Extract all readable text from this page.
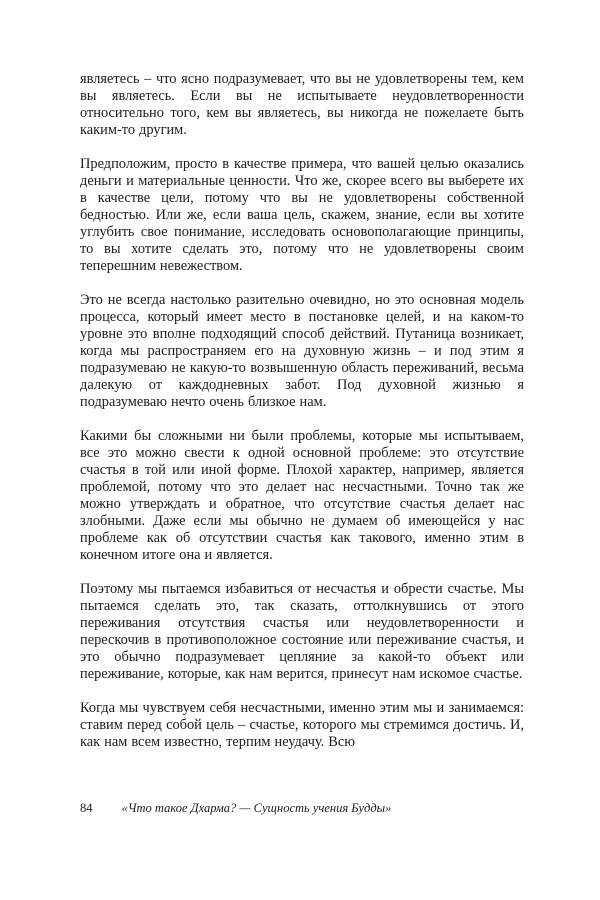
являетесь – что ясно подразумевает, что вы не удовлетворены тем, кем вы являетесь. Если вы не испытываете неудовлетворенности относительно того, кем вы являетесь, вы никогда не пожелаете быть каким-то другим.

Предположим, просто в качестве примера, что вашей целью оказались деньги и материальные ценности. Что же, скорее всего вы выберете их в качестве цели, потому что вы не удовлетворены собственной бедностью. Или же, если ваша цель, скажем, знание, если вы хотите углубить свое понимание, исследовать основополагающие принципы, то вы хотите сделать это, потому что не удовлетворены своим теперешним невежеством.

Это не всегда настолько разительно очевидно, но это основная модель процесса, который имеет место в постановке целей, и на каком-то уровне это вполне подходящий способ действий. Путаница возникает, когда мы распространяем его на духовную жизнь – и под этим я подразумеваю не какую-то возвышенную область переживаний, весьма далекую от каждодневных забот. Под духовной жизнью я подразумеваю нечто очень близкое нам.

Какими бы сложными ни были проблемы, которые мы испытываем, все это можно свести к одной основной проблеме: это отсутствие счастья в той или иной форме. Плохой характер, например, является проблемой, потому что это делает нас несчастными. Точно так же можно утверждать и обратное, что отсутствие счастья делает нас злобными. Даже если мы обычно не думаем об имеющейся у нас проблеме как об отсутствии счастья как такового, именно этим в конечном итоге она и является.

Поэтому мы пытаемся избавиться от несчастья и обрести счастье. Мы пытаемся сделать это, так сказать, оттолкнувшись от этого переживания отсутствия счастья или неудовлетворенности и перескочив в противоположное состояние или переживание счастья, и это обычно подразумевает цепляние за какой-то объект или переживание, которые, как нам верится, принесут нам искомое счастье.

Когда мы чувствуем себя несчастными, именно этим мы и занимаемся: ставим перед собой цель – счастье, которого мы стремимся достичь. И, как нам всем известно, терпим неудачу. Всю

84 «Что такое Дхарма? — Сущность учения Будды»
